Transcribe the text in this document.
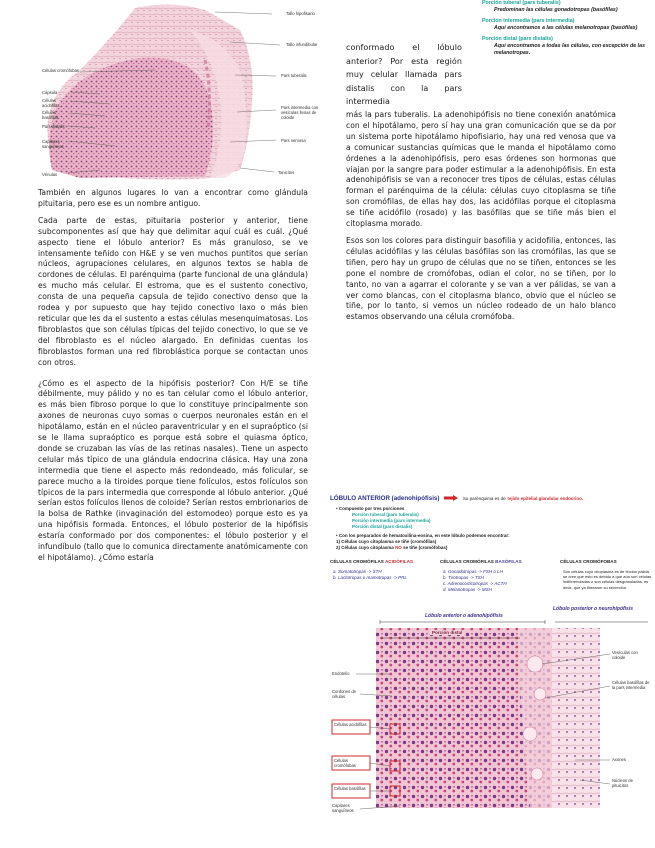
Tallo hipofisario
Tallo infundibular
Pars tuberalis
Pars intermedia con vesículas llenas de coloide
Pars nervosa
Tanicitos
Células cromófobas
Cápsula
Células acidófilas
Células basófilas
Pars distalis
Capilares sanguíneos
Vénulas
Porción tuberal (pars tuberalis)
Predominan las células gonadotropas (basófilas)
Porción intermedia (pars intermedia)
Aquí encontramos a las células melanotropas (basófilas)
Porción distal (pars distalis)
Aquí encontramos a todas las células, con excepción de las melanotropas.

También en algunos lugares lo van a encontrar como glándula pituitaria, pero ese es un nombre antiguo.

Cada parte de estas, pituitaria posterior y anterior, tiene subcomponentes así que hay que delimitar aquí cuál es cuál. ¿Qué aspecto tiene el lóbulo anterior? Es más granuloso, se ve intensamente teñido con H&E y se ven muchos puntitos que serían núcleos, agrupaciones celulares, en algunos textos se habla de cordones de células. El parénquima (parte funcional de una glándula) es mucho más celular. El estroma, que es el sustento conectivo, consta de una pequeña capsula de tejido conectivo denso que la rodea y por supuesto que hay tejido conectivo laxo o más bien reticular que les da el sustento a estas células mesenquimatosas. Los fibroblastos que son células típicas del tejido conectivo, lo que se ve del fibroblasto es el núcleo alargado. En definidas cuentas los fibroblastos forman una red fibroblástica porque se contactan unos con otros.

¿Cómo es el aspecto de la hipófisis posterior? Con H/E se tiñe débilmente, muy pálido y no es tan celular como el lóbulo anterior, es más bien fibroso porque lo que lo constituye principalmente son axones de neuronas cuyo somas o cuerpos neuronales están en el hipotálamo, están en el núcleo paraventricular y en el supraóptico (si se le llama supraóptico es porque está sobre el quiasma óptico, donde se cruzaban las vías de las retinas nasales). Tiene un aspecto celular más típico de una glándula endocrina clásica. Hay una zona intermedia que tiene el aspecto más redondeado, más folicular, se parece mucho a la tiroides porque tiene folículos, estos folículos son típicos de la pars intermedia que corresponde al lóbulo anterior. ¿Qué serían estos folículos llenos de coloide? Serían restos embrionarios de la bolsa de Rathke (invaginación del estomodeo) porque esto es ya una hipófisis formada. Entonces, el lóbulo posterior de la hipófisis estaría conformado por dos componentes: el lóbulo posterior y el infundíbulo (tallo que lo comunica directamente anatómicamente con el hipotálamo). ¿Cómo estaría

conformado el lóbulo anterior? Por esta región muy celular llamada pars distalis con la pars intermedia

más la pars tuberalis. La adenohipófisis no tiene conexión anatómica con el hipotálamo, pero sí hay una gran comunicación que se da por un sistema porte hipotálamo hipofisiario, hay una red venosa que va a comunicar sustancias químicas que le manda el hipotálamo como órdenes a la adenohipófisis, pero esas órdenes son hormonas que viajan por la sangre para poder estimular a la adenohipófisis. En esta adenohipófisis se van a reconocer tres tipos de células, estas células forman el parénquima de la célula: células cuyo citoplasma se tiñe son cromófilas, de ellas hay dos, las acidófilas porque el citoplasma se tiñe acidófilo (rosado) y las basófilas que se tiñe más bien el citoplasma morado.

Esos son los colores para distinguir basofilia y acidofilia, entonces, las células acidófilas y las células basófilas son las cromófilas, las que se tiñen, pero hay un grupo de células que no se tiñen, entonces se les pone el nombre de cromófobas, odian el color, no se tiñen, por lo tanto, no van a agarrar el colorante y se van a ver pálidas, se van a ver como blancas, con el citoplasma blanco, obvio que el núcleo se tiñe, por lo tanto, si vemos un núcleo rodeado de un halo blanco estamos observando una célula cromófoba.

LÓBULO ANTERIOR (adenohipófisis)	Su parénquima es de tejido epitelial glandular endocrino.
• Compuesto por tres porciones
Porción tuberal (pars tuberalis)
Porción intermedia (pars intermedia)
Porción distal (pars distalis)
• Con los preparados de hematoxilina-eosina, en este lóbulo podemos encontrar:
1) Células cuyo citoplasma se tiñe (cromófilas)
2) Células cuyo citoplasma NO se tiñe (cromófobas)
CÉLULAS CROMÓFILAS ACIDÓFILAS
a. Somatotropas -> STH
b. Lactotropas o mamotropas -> PRL
CÉLULAS CROMÓFILAS BASÓFILAS
a. Gonadotropas -> FSH o LH
b. Tirotropas -> TSH
c. Adrenocorticotropas -> ACTH
d. Melanotropas -> MSH
CÉLULAS CROMÓFOBAS
Son células cuyo citoplasma es de tinción pálida, se cree que esto es debido a que aún son células indiferenciadas o son células desgranuladas, es decir, que ya liberaron su secreción.
Lóbulo anterior o adenohipófisis
Lóbulo posterior o neurohipófisis
Porción distal
Endotelio
Cordones de células
Células acidófilas
Células cromófobas
Células basófilas
Capilares sanguíneos
Vesículas con coloide
Células basófilas de la pars intermedia
Axones
Núcleos de pituicitos
